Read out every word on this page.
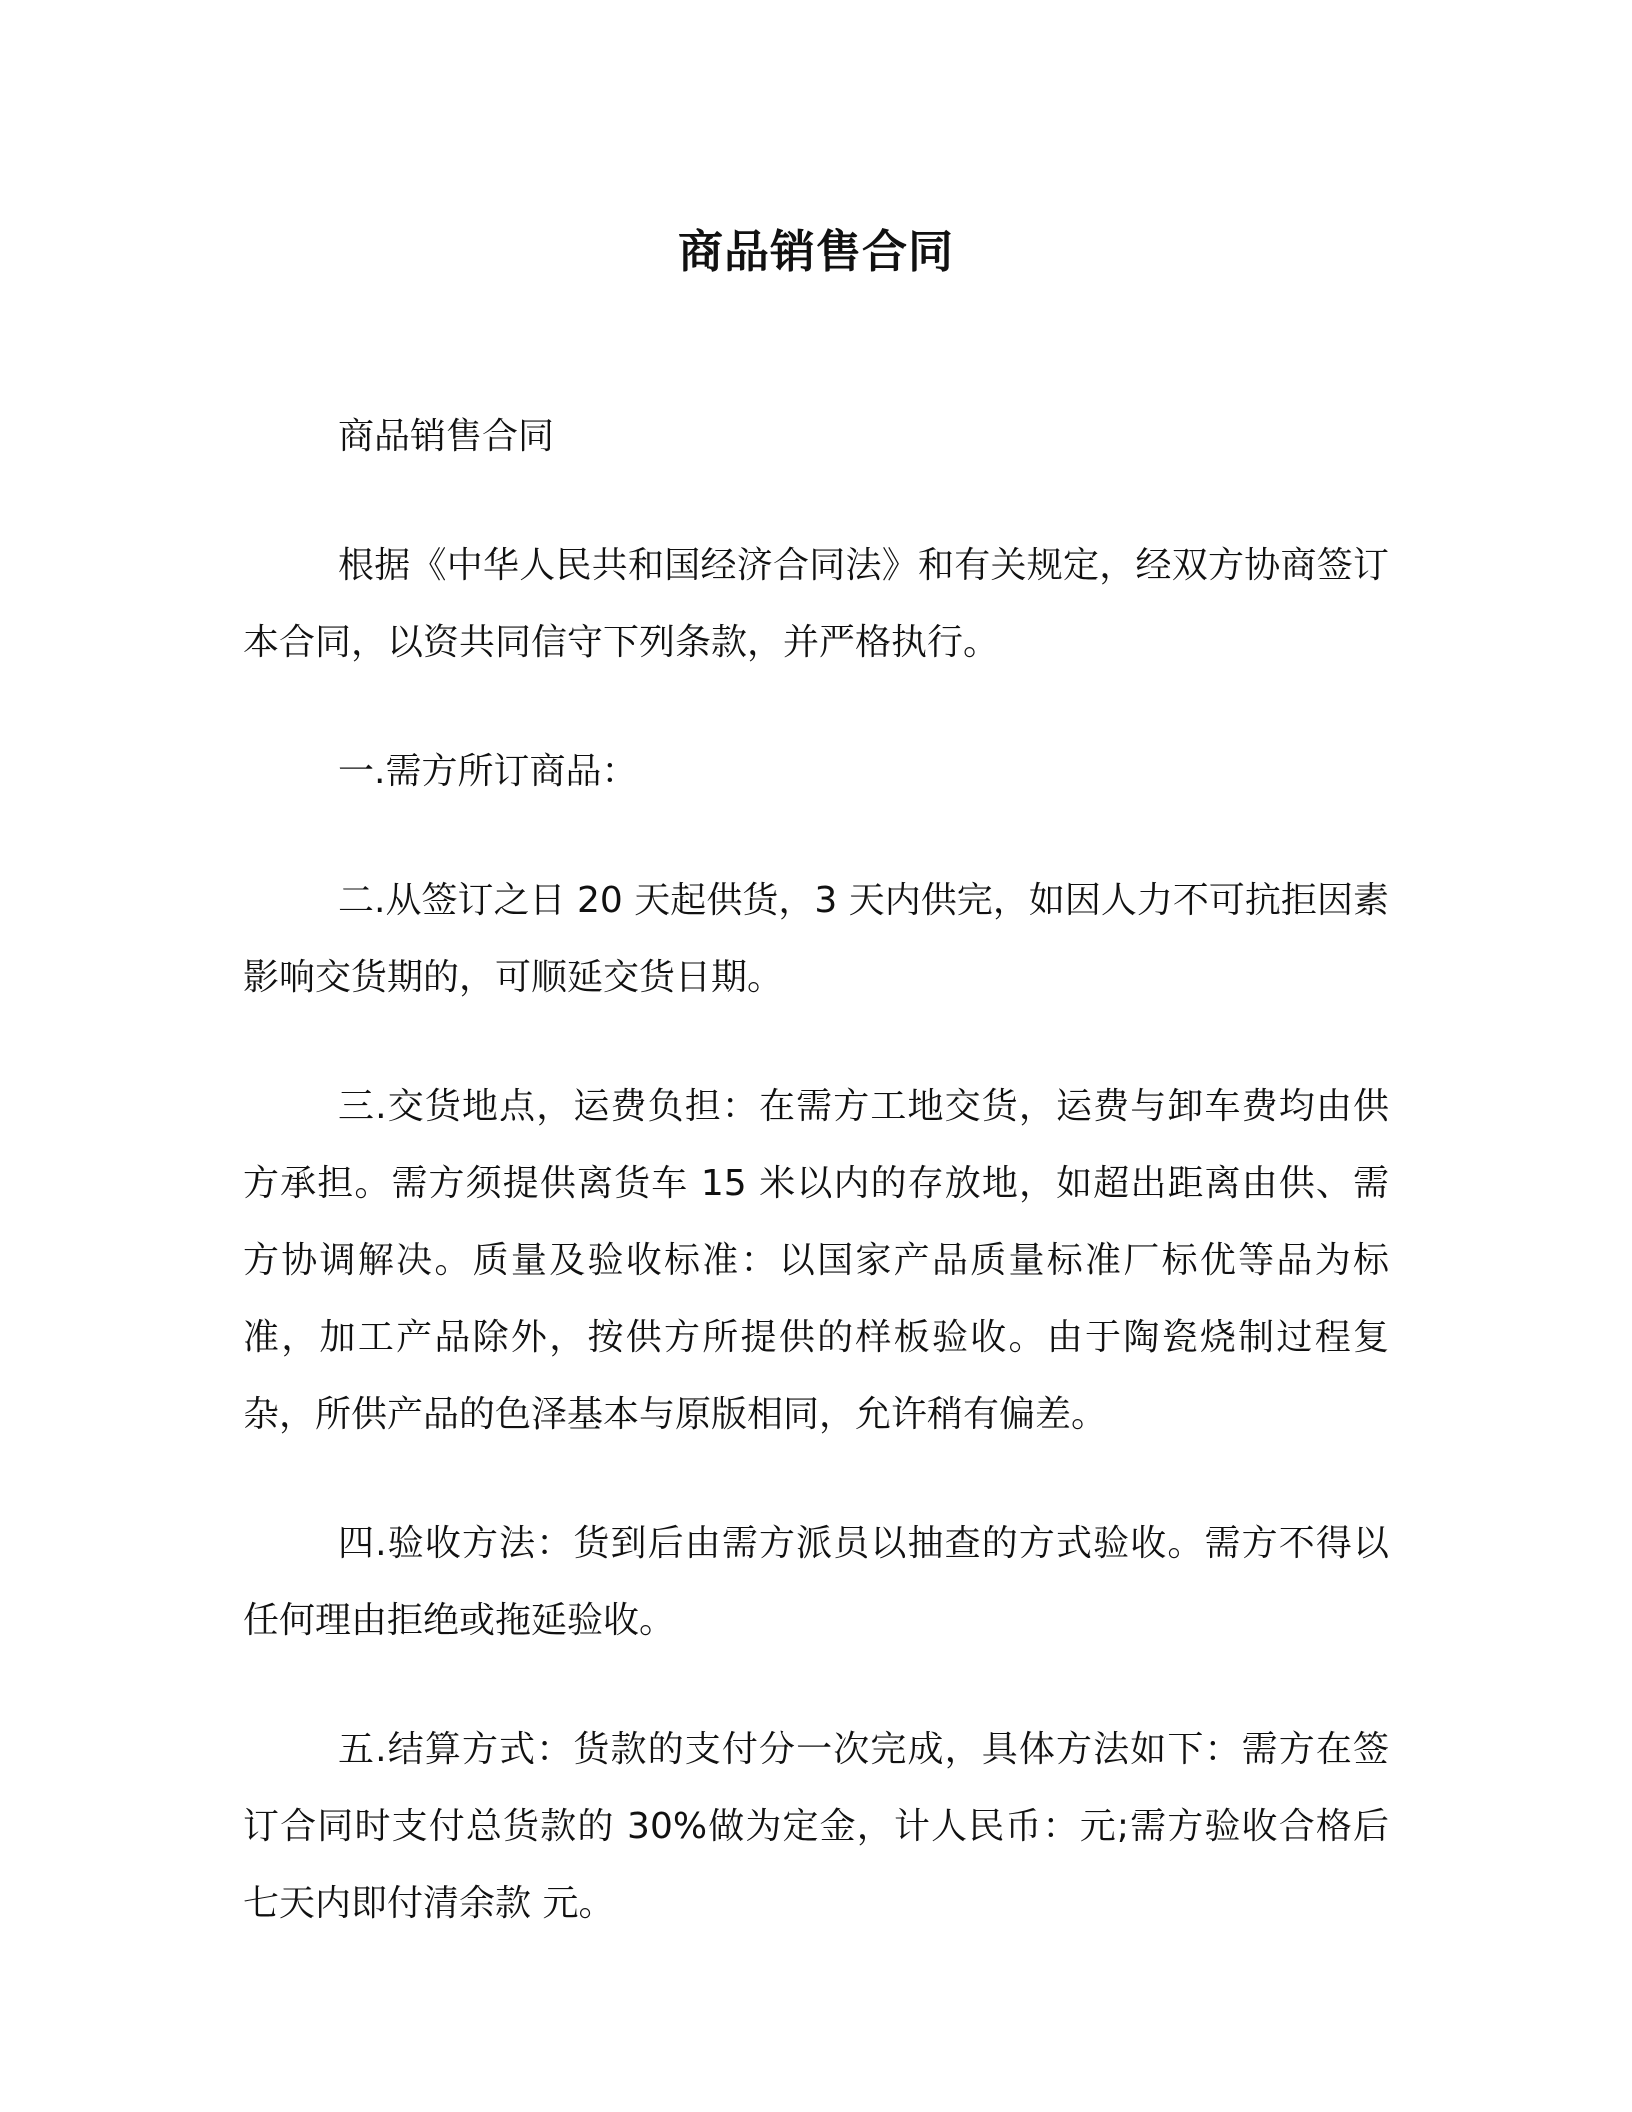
商品销售合同

商品销售合同

根据《中华人民共和国经济合同法》和有关规定，经双方协商签订本合同，以资共同信守下列条款，并严格执行。

一.需方所订商品：

二.从签订之日 20 天起供货，3 天内供完，如因人力不可抗拒因素影响交货期的，可顺延交货日期。

三.交货地点，运费负担：在需方工地交货，运费与卸车费均由供方承担。需方须提供离货车 15 米以内的存放地，如超出距离由供、需方协调解决。质量及验收标准：以国家产品质量标准厂标优等品为标准，加工产品除外，按供方所提供的样板验收。由于陶瓷烧制过程复杂，所供产品的色泽基本与原版相同，允许稍有偏差。

四.验收方法：货到后由需方派员以抽查的方式验收。需方不得以任何理由拒绝或拖延验收。

五.结算方式：货款的支付分一次完成，具体方法如下：需方在签订合同时支付总货款的 30%做为定金，计人民币：元;需方验收合格后七天内即付清余款 元。
